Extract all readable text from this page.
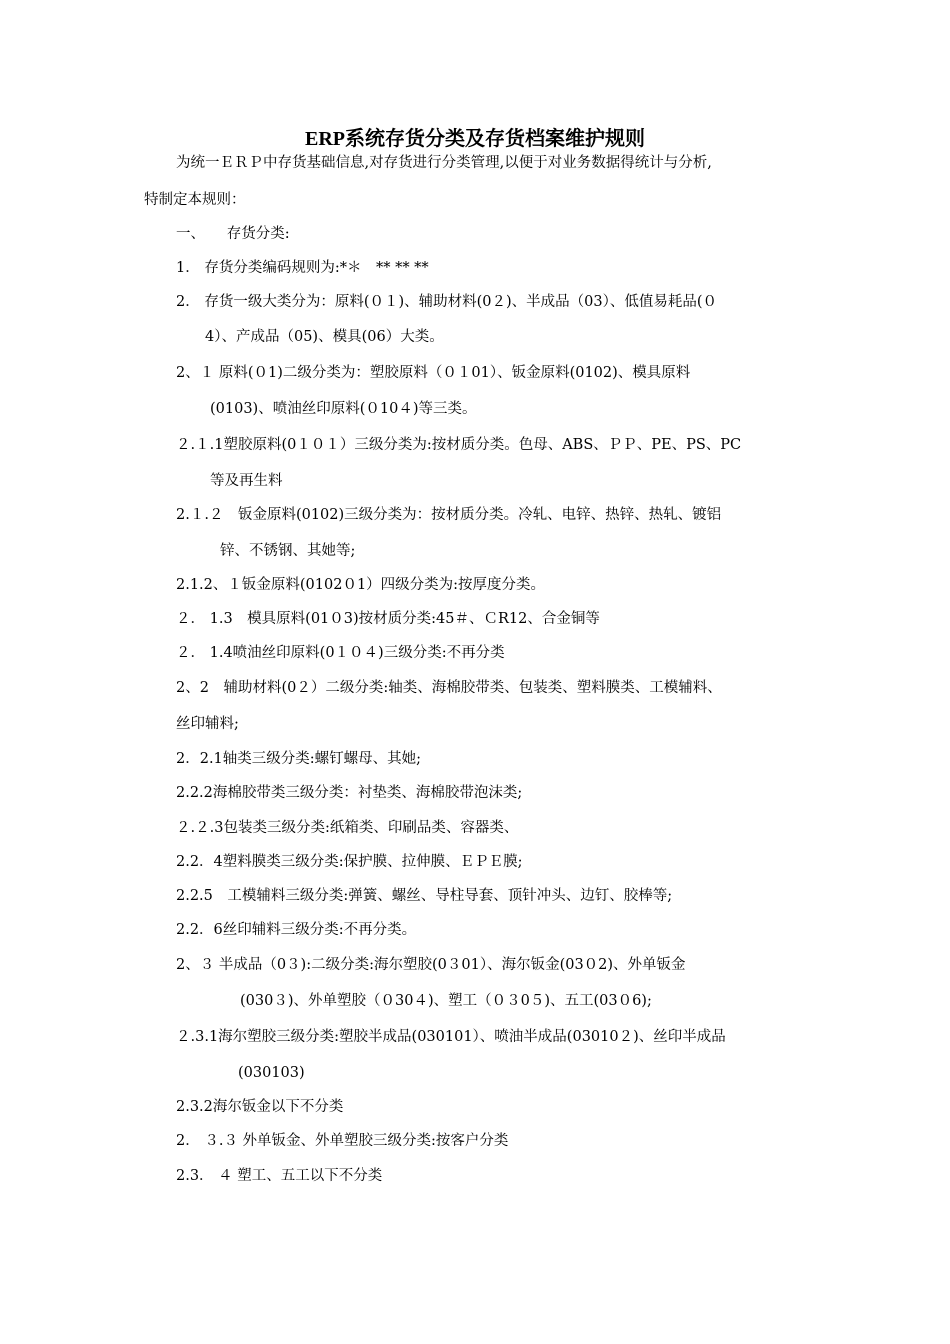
ERP系统存货分类及存货档案维护规则
为统一ＥＲＰ中存货基础信息,对存货进行分类管理,以便于对业务数据得统计与分析,
特制定本规则：
一、　　存货分类:
1． 存货分类编码规则为:*＊　** ** **
2． 存货一级大类分为：原料(０１)、辅助材料(0２)、半成品（03）、低值易耗品(０
4）、产成品（05)、模具(06）大类。
2、１ 原料(０1)二级分类为：塑胶原料（０１01）、钣金原料(0102)、模具原料
(0103)、喷油丝印原料(０10４)等三类。
２.１.1塑胶原料(0１０１）三级分类为:按材质分类。色母、ABS、ＰＰ、PE、PS、PC
等及再生料
2.１.２　钣金原料(0102)三级分类为：按材质分类。冷轧、电锌、热锌、热轧、镀铝
锌、不锈钢、其她等;
2.1.2、１钣金原料(0102０1）四级分类为:按厚度分类。
２． 1.3　模具原料(01０3)按材质分类:45＃、ＣR12、合金铜等
２． 1.4喷油丝印原料(0１０４)三级分类:不再分类
2、2　辅助材料(0２）二级分类:轴类、海棉胶带类、包装类、塑料膜类、工模辅料、
丝印辅料;
2．2.1轴类三级分类:螺钉螺母、其她;
2.2.2海棉胶带类三级分类：衬垫类、海棉胶带泡沫类;
２.２.3包装类三级分类:纸箱类、印刷品类、容器类、
2.2．4塑料膜类三级分类:保护膜、拉伸膜、ＥＰＥ膜;
2.2.5　工模辅料三级分类:弹簧、螺丝、导柱导套、顶针冲头、边钉、胶棒等;
2.2．6丝印辅料三级分类:不再分类。
2、３ 半成品（0３):二级分类:海尔塑胶(0３01）、海尔钣金(03０2)、外单钣金
(030３)、外单塑胶（０30４)、塑工（０３0５)、五工(03０6);
２.3.1海尔塑胶三级分类:塑胶半成品(030101）、喷油半成品(03010２)、丝印半成品
(030103)
2.3.2海尔钣金以下不分类
2． ３.３ 外单钣金、外单塑胶三级分类:按客户分类
2.3． ４ 塑工、五工以下不分类
